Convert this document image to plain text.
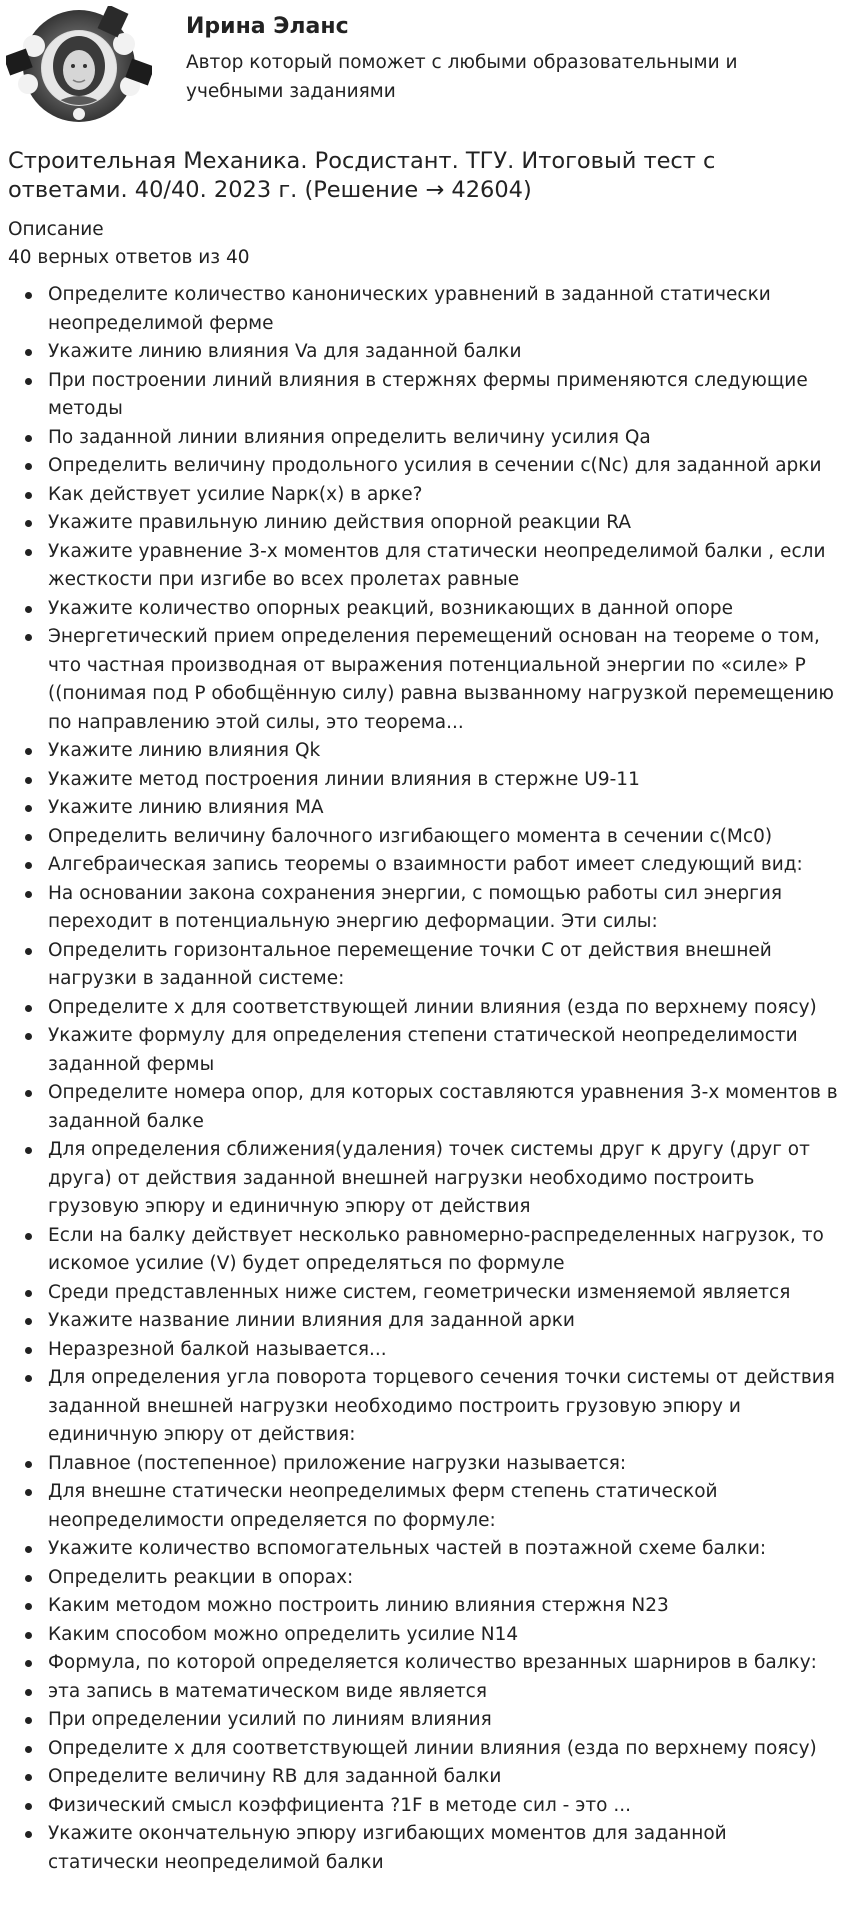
Ирина Эланс
Автор который поможет с любыми образовательными и учебными заданиями
Строительная Механика. Росдистант. ТГУ. Итоговый тест с ответами. 40/40. 2023 г. (Решение → 42604)
Описание
40 верных ответов из 40
Определите количество канонических уравнений в заданной статически неопределимой ферме
Укажите линию влияния Va для заданной балки
При построении линий влияния в стержнях фермы применяются следующие методы
По заданной линии влияния определить величину усилия Qa
Определить величину продольного усилия в сечении c(Nc) для заданной арки
Как действует усилие Nарк(x) в арке?
Укажите правильную линию действия опорной реакции RA
Укажите уравнение 3-х моментов для статически неопределимой балки , если жесткости при изгибе во всех пролетах равные
Укажите количество опорных реакций, возникающих в данной опоре
Энергетический прием определения перемещений основан на теореме о том, что частная производная от выражения потенциальной энергии по «силе» P ((понимая под P обобщённую силу) равна вызванному нагрузкой перемещению по направлению этой силы, это теорема...
Укажите линию влияния Qk
Укажите метод построения линии влияния в стержне U9-11
Укажите линию влияния MA
Определить величину балочного изгибающего момента в сечении c(Mc0)
Алгебраическая запись теоремы о взаимности работ имеет следующий вид:
На основании закона сохранения энергии, с помощью работы сил энергия переходит в потенциальную энергию деформации. Эти силы:
Определить горизонтальное перемещение точки С от действия внешней нагрузки в заданной системе:
Определите x для соответствующей линии влияния (езда по верхнему поясу)
Укажите формулу для определения степени статической неопределимости заданной фермы
Определите номера опор, для которых составляются уравнения 3-х моментов в заданной балке
Для определения сближения(удаления) точек системы друг к другу (друг от друга) от действия заданной внешней нагрузки необходимо построить грузовую эпюру и единичную эпюру от действия
Если на балку действует несколько равномерно-распределенных нагрузок, то искомое усилие (V) будет определяться по формуле
Среди представленных ниже систем, геометрически изменяемой является
Укажите название линии влияния для заданной арки
Неразрезной балкой называется...
Для определения угла поворота торцевого сечения точки системы от действия заданной внешней нагрузки необходимо построить грузовую эпюру и единичную эпюру от действия:
Плавное (постепенное) приложение нагрузки называется:
Для внешне статически неопределимых ферм степень статической неопределимости определяется по формуле:
Укажите количество вспомогательных частей в поэтажной схеме балки:
Определить реакции в опорах:
Каким методом можно построить линию влияния стержня N23
Каким способом можно определить усилие N14
Формула, по которой определяется количество врезанных шарниров в балку:
эта запись в математическом виде является
При определении усилий по линиям влияния
Определите x для соответствующей линии влияния (езда по верхнему поясу)
Определите величину RB для заданной балки
Физический смысл коэффициента ?1F в методе сил - это ...
Укажите окончательную эпюру изгибающих моментов для заданной статически неопределимой балки
